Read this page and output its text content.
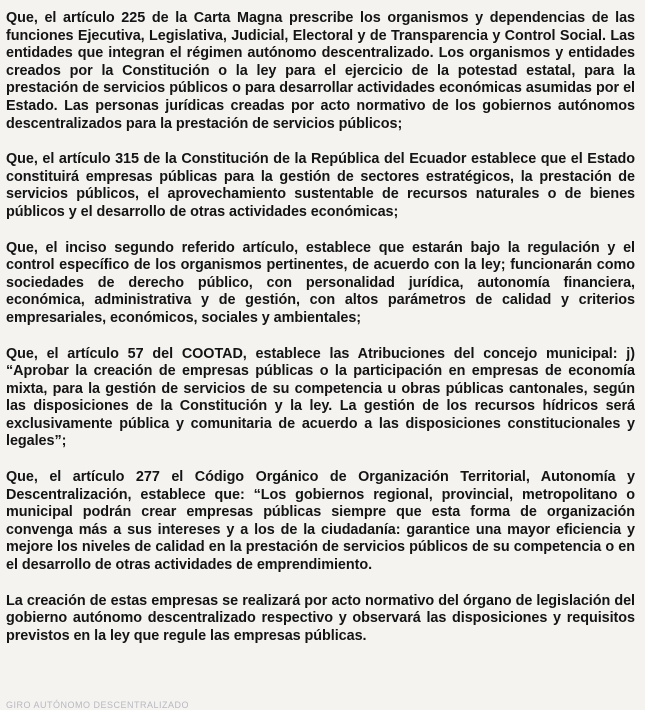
Que, el artículo 225 de la Carta Magna prescribe los organismos y dependencias de las funciones Ejecutiva, Legislativa, Judicial, Electoral y de Transparencia y Control Social. Las entidades que integran el régimen autónomo descentralizado. Los organismos y entidades creados por la Constitución o la ley para el ejercicio de la potestad estatal, para la prestación de servicios públicos o para desarrollar actividades económicas asumidas por el Estado. Las personas jurídicas creadas por acto normativo de los gobiernos autónomos descentralizados para la prestación de servicios públicos;

Que, el artículo 315 de la Constitución de la República del Ecuador establece que el Estado constituirá empresas públicas para la gestión de sectores estratégicos, la prestación de servicios públicos, el aprovechamiento sustentable de recursos naturales o de bienes públicos y el desarrollo de otras actividades económicas;

Que, el inciso segundo referido artículo, establece que estarán bajo la regulación y el control específico de los organismos pertinentes, de acuerdo con la ley; funcionarán como sociedades de derecho público, con personalidad jurídica, autonomía financiera, económica, administrativa y de gestión, con altos parámetros de calidad y criterios empresariales, económicos, sociales y ambientales;

Que, el artículo 57 del COOTAD, establece las Atribuciones del concejo municipal: j) “Aprobar la creación de empresas públicas o la participación en empresas de economía mixta, para la gestión de servicios de su competencia u obras públicas cantonales, según las disposiciones de la Constitución y la ley. La gestión de los recursos hídricos será exclusivamente pública y comunitaria de acuerdo a las disposiciones constitucionales y legales”;

Que, el artículo 277 el Código Orgánico de Organización Territorial, Autonomía y Descentralización, establece que: “Los gobiernos regional, provincial, metropolitano o municipal podrán crear empresas públicas siempre que esta forma de organización convenga más a sus intereses y a los de la ciudadanía: garantice una mayor eficiencia y mejore los niveles de calidad en la prestación de servicios públicos de su competencia o en el desarrollo de otras actividades de emprendimiento.

La creación de estas empresas se realizará por acto normativo del órgano de legislación del gobierno autónomo descentralizado respectivo y observará las disposiciones y requisitos previstos en la ley que regule las empresas públicas.

GIRO AUTÓNOMO DESCENTRALIZADO
